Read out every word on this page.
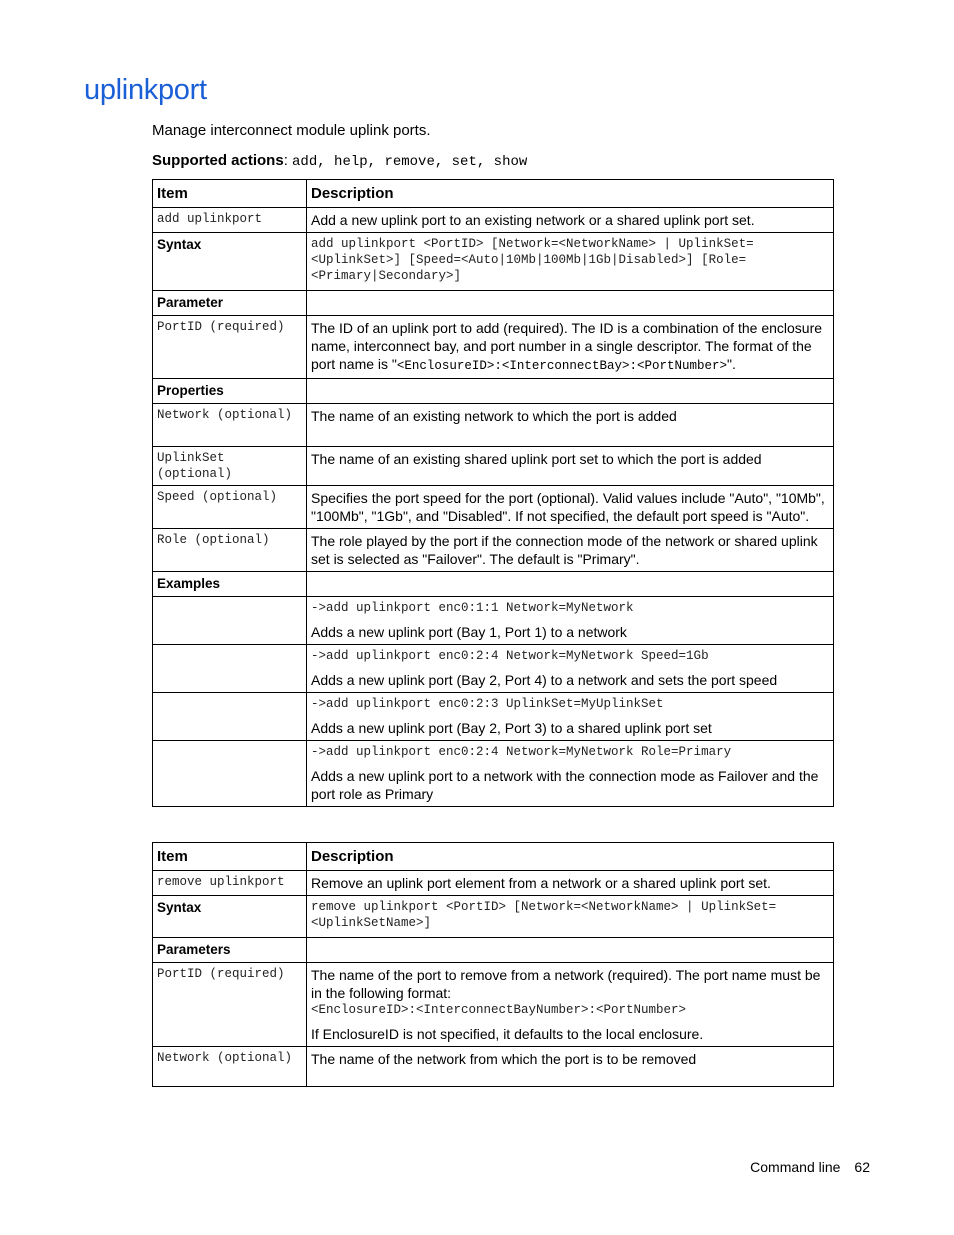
uplinkport
Manage interconnect module uplink ports.
Supported actions: add, help, remove, set, show
Item	Description

add uplinkport	Add a new uplink port to an existing network or a shared uplink port set.
Syntax	add uplinkport <PortID> [Network=<NetworkName> | UplinkSet=<UplinkSet>] [Speed=<Auto|10Mb|100Mb|1Gb|Disabled>] [Role=<Primary|Secondary>]

Parameter	

PortID (required)	The ID of an uplink port to add (required). The ID is a combination of the enclosure name, interconnect bay, and port number in a single descriptor. The format of the port name is "<EnclosureID>:<InterconnectBay>:<PortNumber>".
Properties	

Network (optional)	The name of an existing network to which the port is added

UplinkSet (optional)	The name of an existing shared uplink port set to which the port is added

Speed (optional)	Specifies the port speed for the port (optional). Valid values include "Auto", "10Mb", "100Mb", "1Gb", and "Disabled". If not specified, the default port speed is "Auto".

Role (optional)	The role played by the port if the connection mode of the network or shared uplink set is selected as "Failover". The default is "Primary".
Examples	

	->add uplinkport enc0:1:1 Network=MyNetwork
Adds a new uplink port (Bay 1, Port 1) to a network

	->add uplinkport enc0:2:4 Network=MyNetwork Speed=1Gb
Adds a new uplink port (Bay 2, Port 4) to a network and sets the port speed

	->add uplinkport enc0:2:3 UplinkSet=MyUplinkSet
Adds a new uplink port (Bay 2, Port 3) to a shared uplink port set

	->add uplinkport enc0:2:4 Network=MyNetwork Role=Primary
Adds a new uplink port to a network with the connection mode as Failover and the port role as Primary
Item	Description

remove uplinkport	Remove an uplink port element from a network or a shared uplink port set.
Syntax	remove uplinkport <PortID> [Network=<NetworkName> | UplinkSet=<UplinkSetName>]

Parameters	

PortID (required)	The name of the port to remove from a network (required). The port name must be in the following format:
<EnclosureID>:<InterconnectBayNumber>:<PortNumber>
If EnclosureID is not specified, it defaults to the local enclosure.

Network (optional)	The name of the network from which the port is to be removed
Command line 62
